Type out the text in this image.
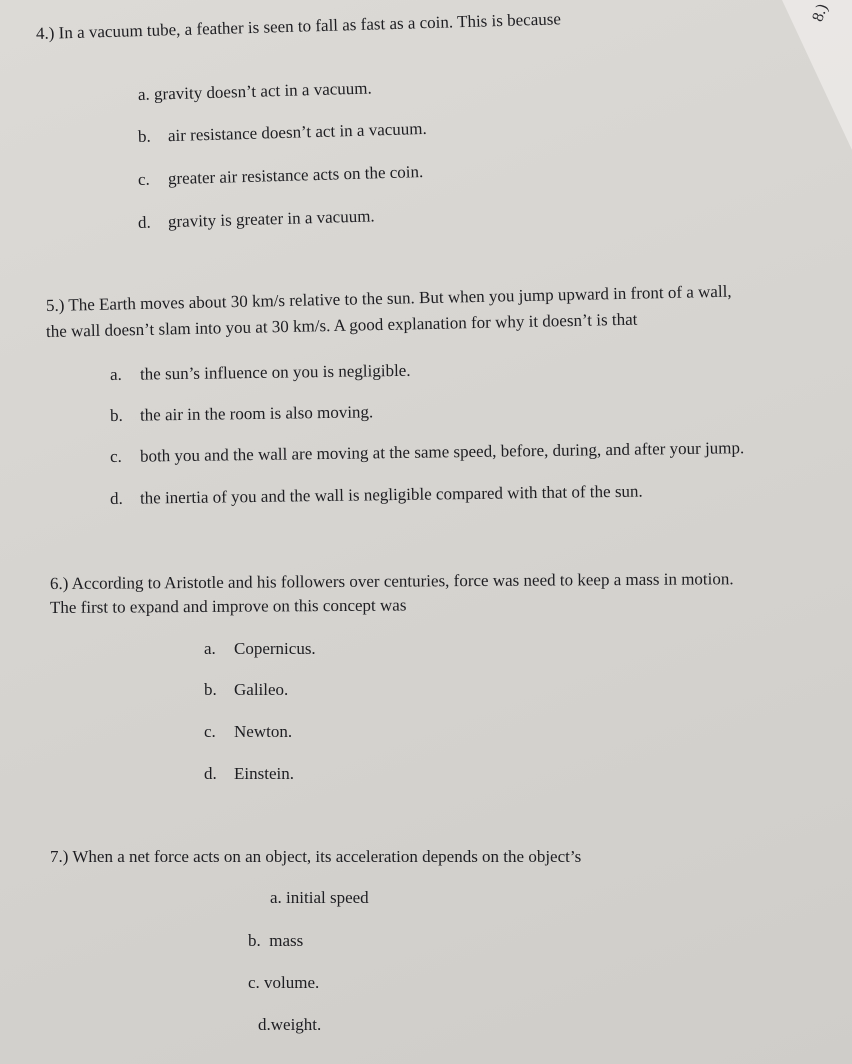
8.)
4.) In a vacuum tube, a feather is seen to fall as fast as a coin. This is because
a. gravity doesn’t act in a vacuum.
b. air resistance doesn’t act in a vacuum.
c. greater air resistance acts on the coin.
d. gravity is greater in a vacuum.
5.) The Earth moves about 30 km/s relative to the sun. But when you jump upward in front of a wall,
the wall doesn’t slam into you at 30 km/s. A good explanation for why it doesn’t is that
a. the sun’s influence on you is negligible.
b. the air in the room is also moving.
c. both you and the wall are moving at the same speed, before, during, and after your jump.
d. the inertia of you and the wall is negligible compared with that of the sun.
6.) According to Aristotle and his followers over centuries, force was need to keep a mass in motion.
The first to expand and improve on this concept was
a. Copernicus.
b. Galileo.
c. Newton.
d. Einstein.
7.) When a net force acts on an object, its acceleration depends on the object’s
a. initial speed
b. mass
c. volume.
d.weight.
